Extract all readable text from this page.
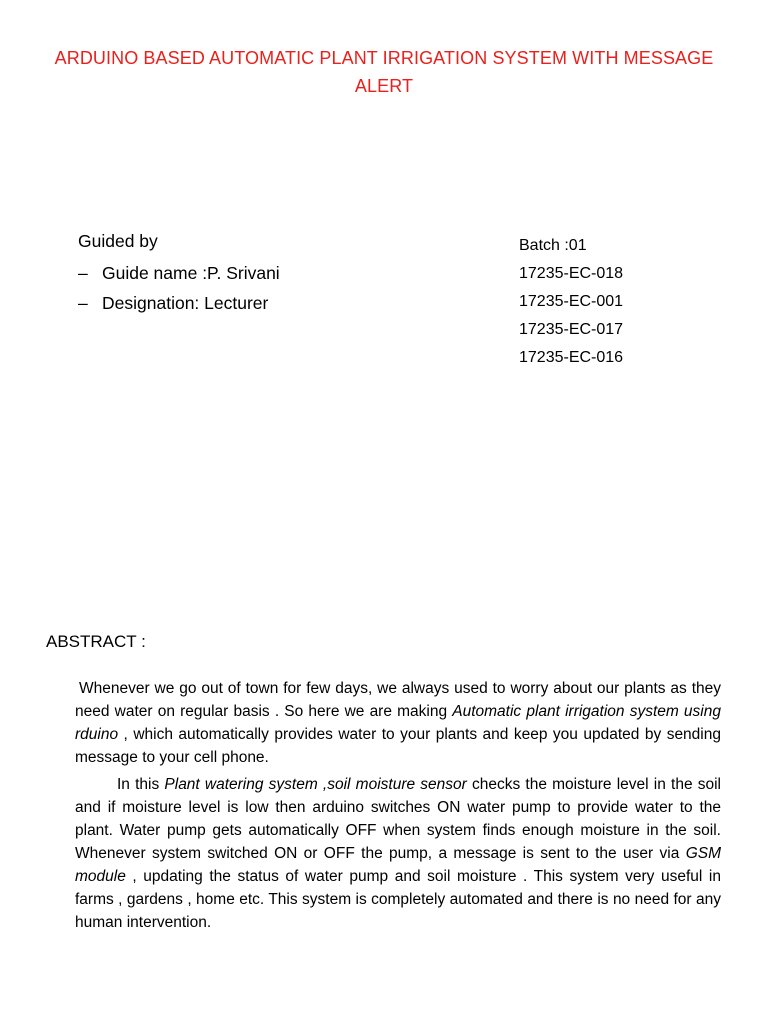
ARDUINO BASED AUTOMATIC PLANT IRRIGATION SYSTEM WITH MESSAGE ALERT
Guided by
– Guide name :P. Srivani
– Designation: Lecturer
Batch :01
17235-EC-018
17235-EC-001
17235-EC-017
17235-EC-016
ABSTRACT :

Whenever we go out of town for few days, we always used to worry about our plants as they need water on regular basis . So here we are making Automatic plant irrigation system using rduino , which automatically provides water to your plants and keep you updated by sending message to your cell phone.

In this Plant watering system ,soil moisture sensor checks the moisture level in the soil and if moisture level is low then arduino switches ON water pump to provide water to the plant. Water pump gets automatically OFF when system finds enough moisture in the soil. Whenever system switched ON or OFF the pump, a message is sent to the user via GSM module , updating the status of water pump and soil moisture . This system very useful in farms , gardens , home etc. This system is completely automated and there is no need for any human intervention.
